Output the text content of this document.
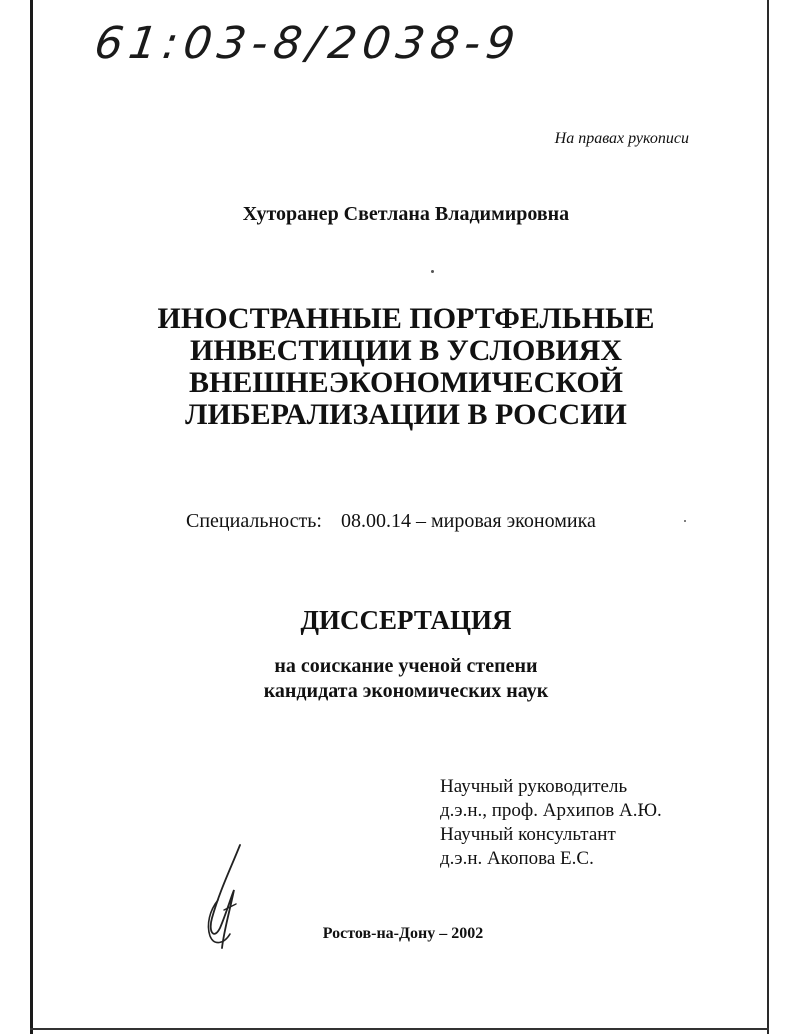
61:03-8/2038-9
На правах рукописи
Хуторанер Светлана Владимировна
ИНОСТРАННЫЕ ПОРТФЕЛЬНЫЕ
ИНВЕСТИЦИИ В УСЛОВИЯХ
ВНЕШНЕЭКОНОМИЧЕСКОЙ
ЛИБЕРАЛИЗАЦИИ В РОССИИ
Специальность: 08.00.14 – мировая экономика
ДИССЕРТАЦИЯ
на соискание ученой степени
кандидата экономических наук
Научный руководитель
д.э.н., проф. Архипов А.Ю.
Научный консультант
д.э.н. Акопова Е.С.
Ростов-на-Дону – 2002
